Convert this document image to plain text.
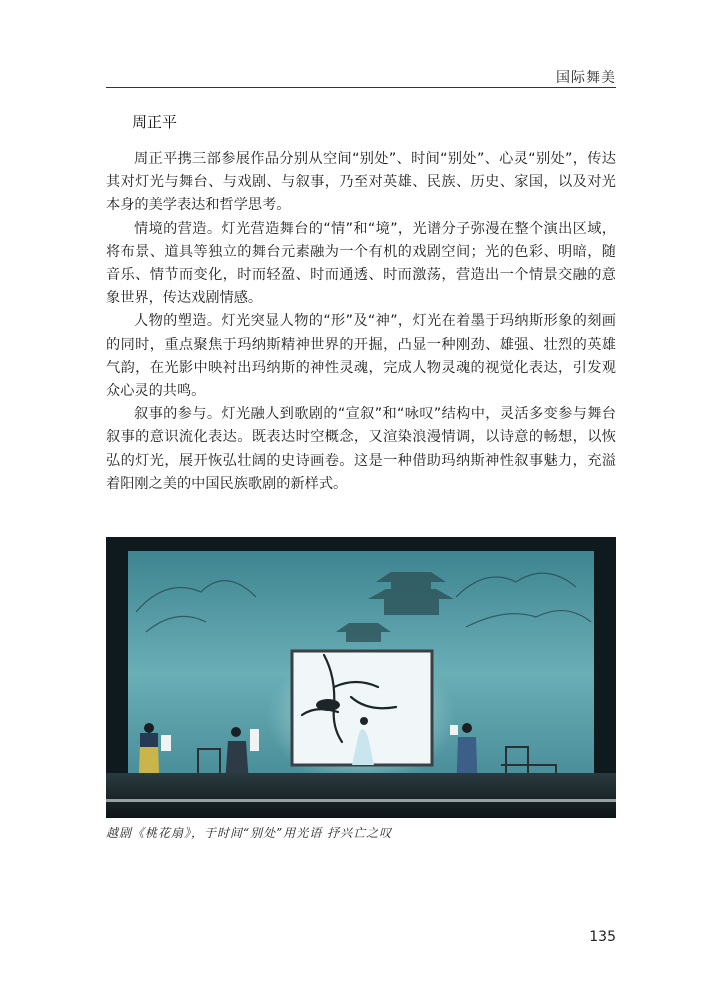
国际舞美
周正平

周正平携三部参展作品分别从空间“别处”、时间“别处”、心灵“别处”，传达其对灯光与舞台、与戏剧、与叙事，乃至对英雄、民族、历史、家国，以及对光本身的美学表达和哲学思考。

情境的营造。灯光营造舞台的“情”和“境”，光谱分子弥漫在整个演出区域，将布景、道具等独立的舞台元素融为一个有机的戏剧空间；光的色彩、明暗，随音乐、情节而变化，时而轻盈、时而通透、时而激荡，营造出一个情景交融的意象世界，传达戏剧情感。

人物的塑造。灯光突显人物的“形”及“神”，灯光在着墨于玛纳斯形象的刻画的同时，重点聚焦于玛纳斯精神世界的开掘，凸显一种刚劲、雄强、壮烈的英雄气韵，在光影中映衬出玛纳斯的神性灵魂，完成人物灵魂的视觉化表达，引发观众心灵的共鸣。

叙事的参与。灯光融人到歌剧的“宣叙”和“咏叹”结构中，灵活多变参与舞台叙事的意识流化表达。既表达时空概念，又渲染浪漫情调，以诗意的畅想，以恢弘的灯光，展开恢弘壮阔的史诗画卷。这是一种借助玛纳斯神性叙事魅力，充溢着阳刚之美的中国民族歌剧的新样式。

越剧《桃花扇》，于时间“别处”用光语 抒兴亡之叹
135
